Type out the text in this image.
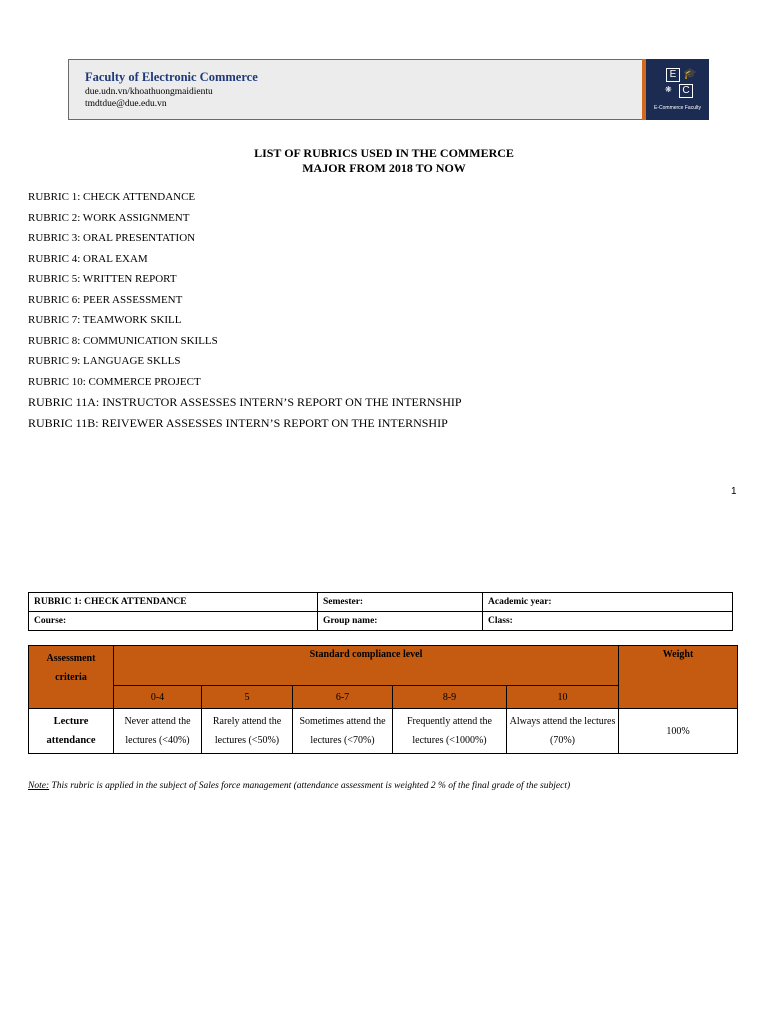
Faculty of Electronic Commerce
due.udn.vn/khoathuongmaidientu
tmdtdue@due.edu.vn
E 🎓
❋	C
E-Commerce Faculty
LIST OF RUBRICS USED IN THE COMMERCE
MAJOR FROM 2018 TO NOW
RUBRIC 1: CHECK ATTENDANCE
RUBRIC 2: WORK ASSIGNMENT
RUBRIC 3: ORAL PRESENTATION
RUBRIC 4: ORAL EXAM
RUBRIC 5: WRITTEN REPORT
RUBRIC 6: PEER ASSESSMENT
RUBRIC 7: TEAMWORK SKILL
RUBRIC 8: COMMUNICATION SKILLS
RUBRIC 9: LANGUAGE SKLLS
RUBRIC 10: COMMERCE PROJECT
RUBRIC 11A: INSTRUCTOR ASSESSES INTERN’S REPORT ON THE INTERNSHIP
RUBRIC 11B: REIVEWER ASSESSES INTERN’S REPORT ON THE INTERNSHIP
1
RUBRIC 1: CHECK ATTENDANCE	Semester:	Academic year:
Course:	Group name:	Class:
Assessment criteria	Standard compliance level					Weight
	0-4	5	6-7	8-9	10	
Lecture attendance	Never attend the lectures (<40%)	Rarely attend the lectures (<50%)	Sometimes attend the lectures (<70%)	Frequently attend the lectures (<1000%)	Always attend the lectures (70%)	100%
Note: This rubric is applied in the subject of Sales force management (attendance assessment is weighted 2 % of the final grade of the subject)
